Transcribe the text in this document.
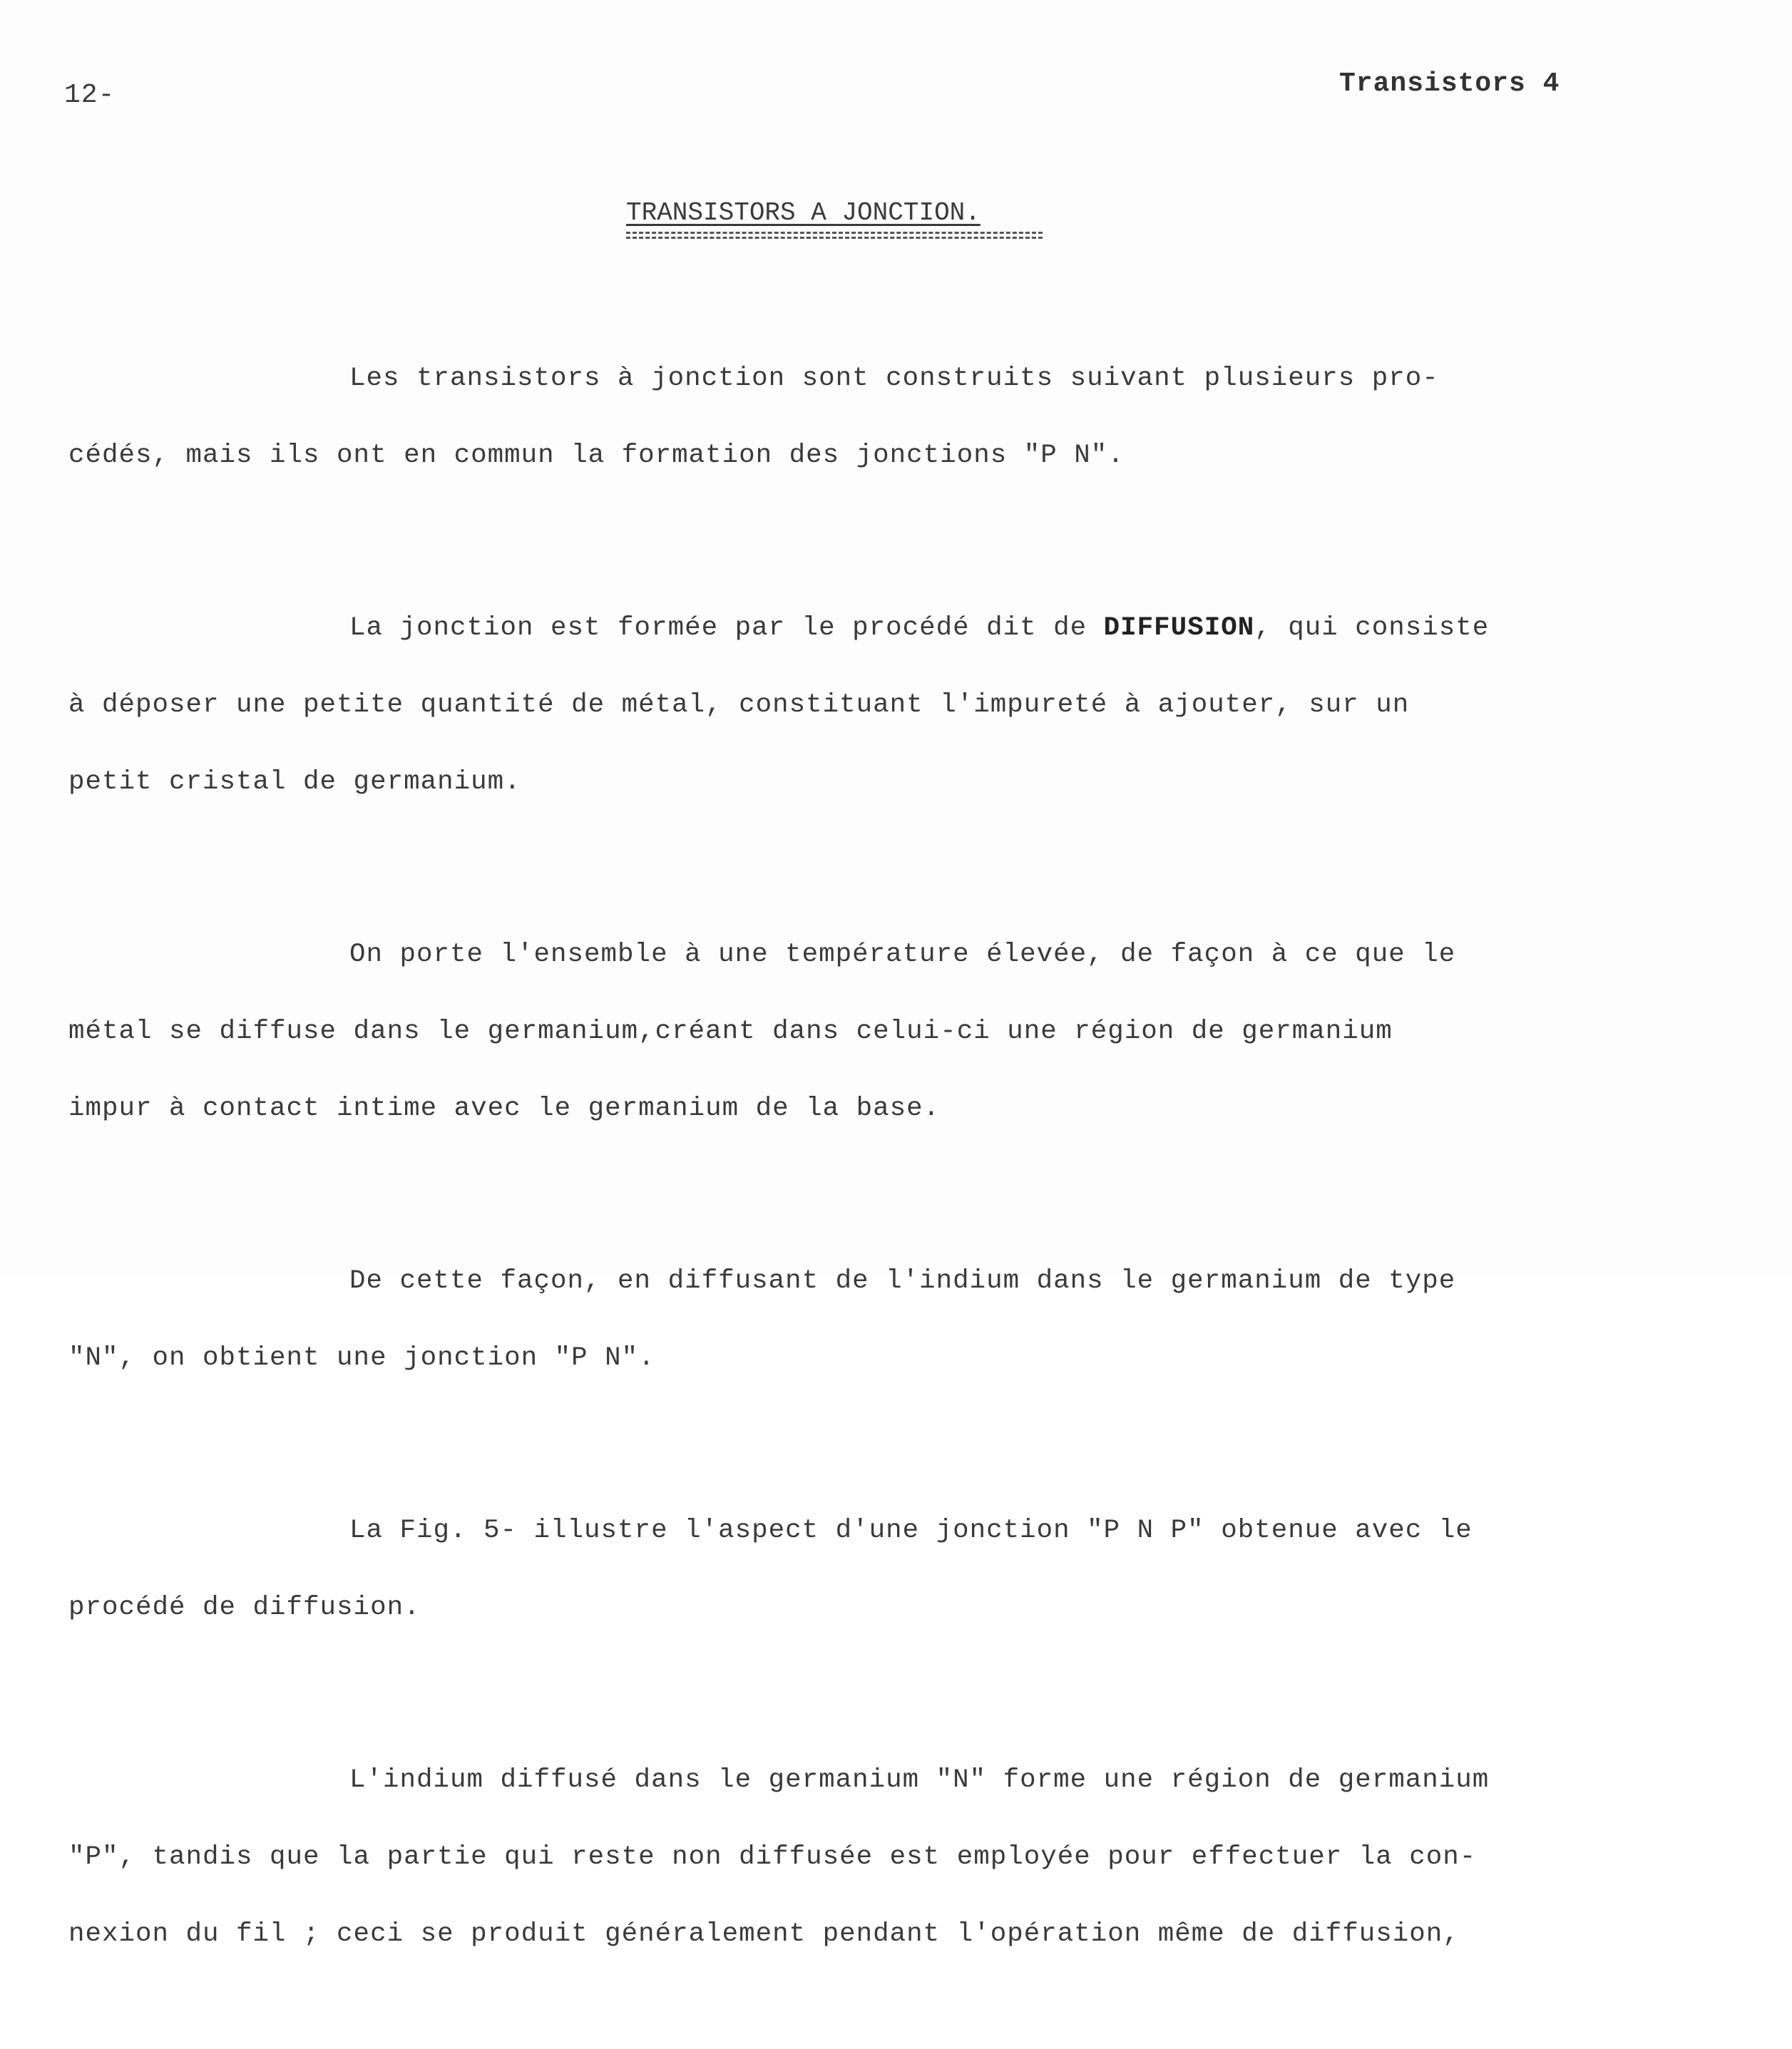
12-	Transistors 4
TRANSISTORS A JONCTION.

Les transistors à jonction sont construits suivant plusieurs pro-

cédés, mais ils ont en commun la formation des jonctions "P N".

La jonction est formée par le procédé dit de DIFFUSION, qui consiste

à déposer une petite quantité de métal, constituant l'impureté à ajouter, sur un

petit cristal de germanium.

On porte l'ensemble à une température élevée, de façon à ce que le

métal se diffuse dans le germanium,créant dans celui-ci une région de germanium

impur à contact intime avec le germanium de la base.

De cette façon, en diffusant de l'indium dans le germanium de type

"N", on obtient une jonction "P N".

La Fig. 5- illustre l'aspect d'une jonction "P N P" obtenue avec le

procédé de diffusion.

L'indium diffusé dans le germanium "N" forme une région de germanium

"P", tandis que la partie qui reste non diffusée est employée pour effectuer la con-

nexion du fil ; ceci se produit généralement pendant l'opération même de diffusion,
